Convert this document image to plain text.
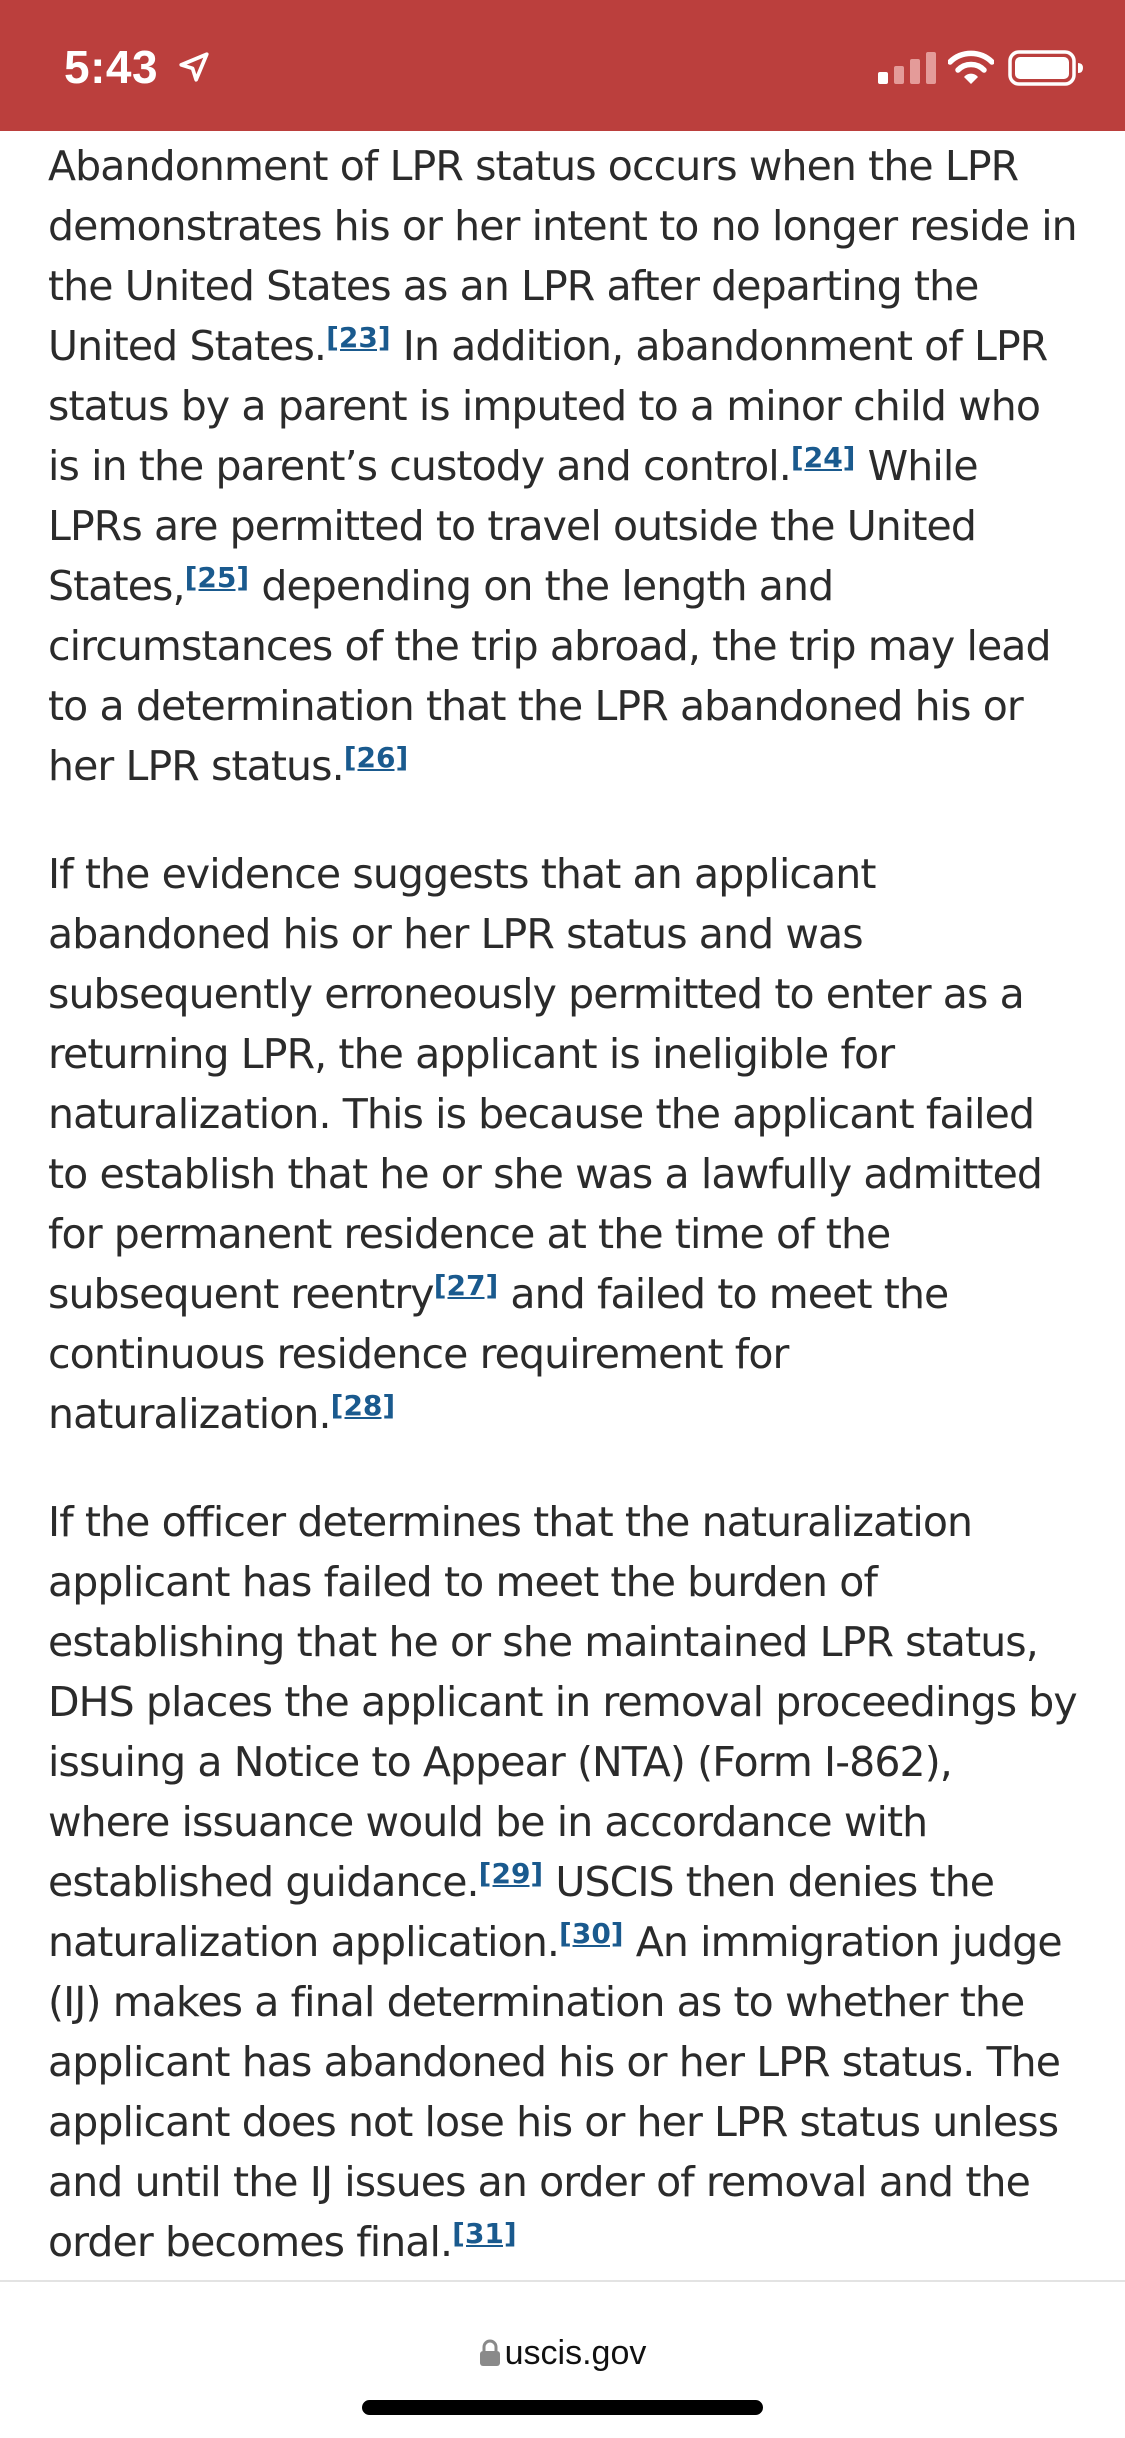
5:43

Abandonment of LPR status occurs when the LPR demonstrates his or her intent to no longer reside in the United States as an LPR after departing the United States.[23] In addition, abandonment of LPR status by a parent is imputed to a minor child who is in the parent’s custody and control.[24] While LPRs are permitted to travel outside the United States,[25] depending on the length and circumstances of the trip abroad, the trip may lead to a determination that the LPR abandoned his or her LPR status.[26]

If the evidence suggests that an applicant abandoned his or her LPR status and was subsequently erroneously permitted to enter as a returning LPR, the applicant is ineligible for naturalization. This is because the applicant failed to establish that he or she was a lawfully admitted for permanent residence at the time of the subsequent reentry[27] and failed to meet the continuous residence requirement for naturalization.[28]

If the officer determines that the naturalization applicant has failed to meet the burden of establishing that he or she maintained LPR status, DHS places the applicant in removal proceedings by issuing a Notice to Appear (NTA) (Form I-862), where issuance would be in accordance with established guidance.[29] USCIS then denies the naturalization application.[30] An immigration judge (IJ) makes a final determination as to whether the applicant has abandoned his or her LPR status. The applicant does not lose his or her LPR status unless and until the IJ issues an order of removal and the order becomes final.[31]

uscis.gov
